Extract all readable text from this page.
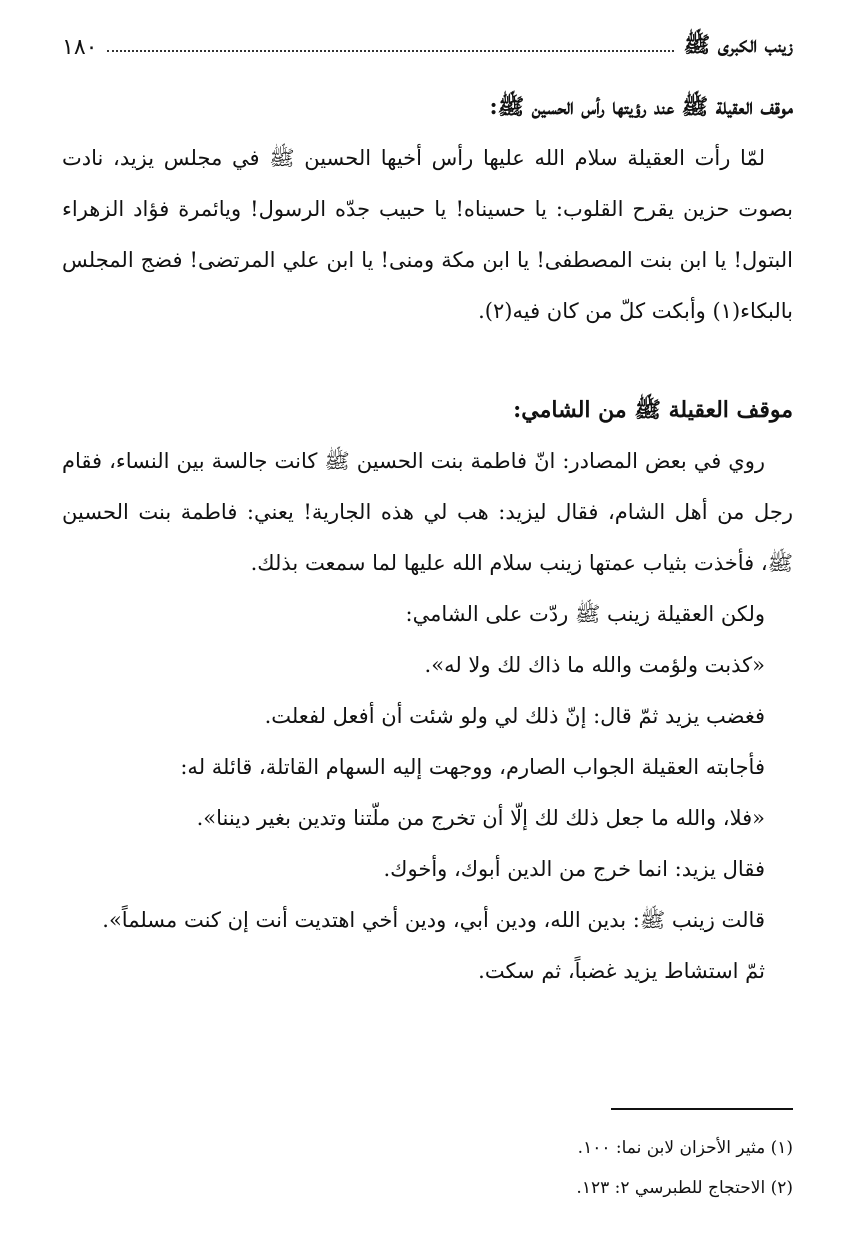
زينب الكبرى ﷺ
١٨٠

موقف العقيلة ﷺ عند رؤيتها رأس الحسين ﷺ:

لمّا رأت العقيلة سلام الله عليها رأس أخيها الحسين ﷺ في مجلس يزيد، نادت بصوت حزين يقرح القلوب: يا حسيناه! يا حبيب جدّه الرسول! ويائمرة فؤاد الزهراء البتول! يا ابن بنت المصطفى! يا ابن مكة ومنى! يا ابن علي المرتضى! فضج المجلس بالبكاء(١) وأبكت كلّ من كان فيه(٢).

موقف العقيلة ﷺ من الشامي:

روي في بعض المصادر: انّ فاطمة بنت الحسين ﷺ كانت جالسة بين النساء، فقام رجل من أهل الشام، فقال ليزيد: هب لي هذه الجارية! يعني: فاطمة بنت الحسين ﷺ، فأخذت بثياب عمتها زينب سلام الله عليها لما سمعت بذلك.

ولكن العقيلة زينب ﷺ ردّت على الشامي:

«كذبت ولؤمت والله ما ذاك لك ولا له».

فغضب يزيد ثمّ قال: إنّ ذلك لي ولو شئت أن أفعل لفعلت.

فأجابته العقيلة الجواب الصارم، ووجهت إليه السهام القاتلة، قائلة له:

«فلا، والله ما جعل ذلك لك إلّا أن تخرج من ملّتنا وتدين بغير ديننا».

فقال يزيد: انما خرج من الدين أبوك، وأخوك.

قالت زينب ﷺ: بدين الله، ودين أبي، ودين أخي اهتديت أنت إن كنت مسلماً».

ثمّ استشاط يزيد غضباً، ثم سكت.

(١) مثير الأحزان لابن نما: ١٠٠.

(٢) الاحتجاج للطبرسي ٢: ١٢٣.
